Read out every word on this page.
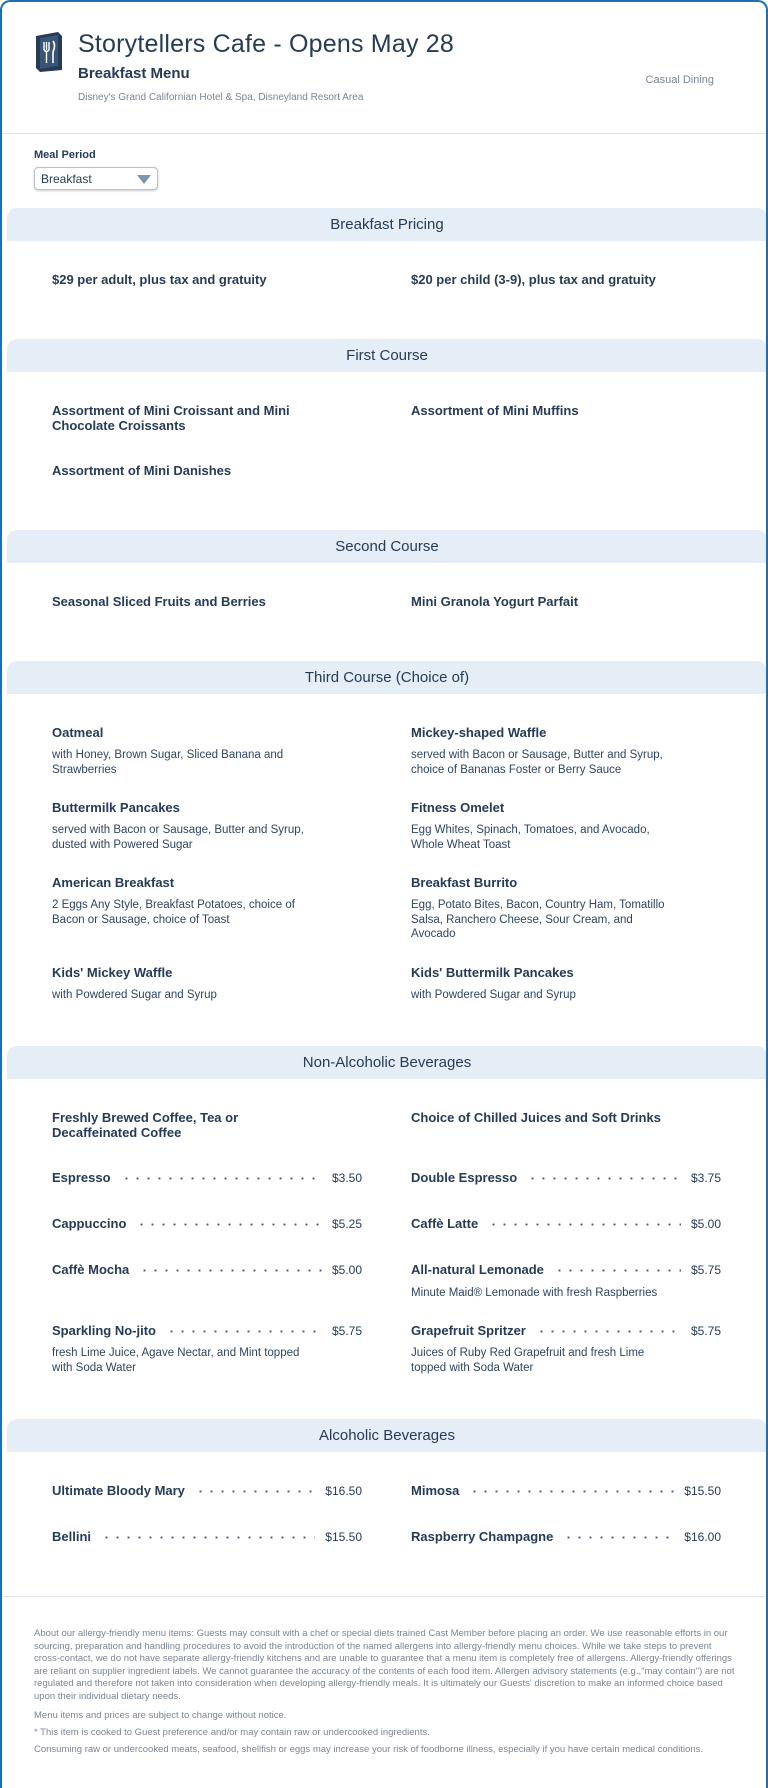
Storytellers Cafe - Opens May 28
Breakfast Menu
Disney's Grand Californian Hotel & Spa, Disneyland Resort Area
Casual Dining
Meal Period
Breakfast
Breakfast Pricing
$29 per adult, plus tax and gratuity	$20 per child (3-9), plus tax and gratuity
First Course
Assortment of Mini Croissant and Mini Chocolate Croissants
Assortment of Mini Muffins
Assortment of Mini Danishes
Second Course
Seasonal Sliced Fruits and Berries	Mini Granola Yogurt Parfait
Third Course (Choice of)
Oatmeal
with Honey, Brown Sugar, Sliced Banana and Strawberries
Mickey-shaped Waffle
served with Bacon or Sausage, Butter and Syrup, choice of Bananas Foster or Berry Sauce
Buttermilk Pancakes
served with Bacon or Sausage, Butter and Syrup, dusted with Powered Sugar
Fitness Omelet
Egg Whites, Spinach, Tomatoes, and Avocado, Whole Wheat Toast
American Breakfast
2 Eggs Any Style, Breakfast Potatoes, choice of Bacon or Sausage, choice of Toast
Breakfast Burrito
Egg, Potato Bites, Bacon, Country Ham, Tomatillo Salsa, Ranchero Cheese, Sour Cream, and Avocado
Kids' Mickey Waffle
with Powdered Sugar and Syrup
Kids' Buttermilk Pancakes
with Powdered Sugar and Syrup
Non-Alcoholic Beverages
Freshly Brewed Coffee, Tea or Decaffeinated Coffee
Choice of Chilled Juices and Soft Drinks
Espresso	$3.50	Double Espresso	$3.75
Cappuccino	$5.25	Caffè Latte	$5.00
Caffè Mocha	$5.00	All-natural Lemonade	$5.75
Minute Maid® Lemonade with fresh Raspberries
Sparkling No-jito	$5.75
fresh Lime Juice, Agave Nectar, and Mint topped with Soda Water
Grapefruit Spritzer	$5.75
Juices of Ruby Red Grapefruit and fresh Lime topped with Soda Water
Alcoholic Beverages
Ultimate Bloody Mary	$16.50	Mimosa	$15.50
Bellini	$15.50	Raspberry Champagne	$16.00
About our allergy-friendly menu items: Guests may consult with a chef or special diets trained Cast Member before placing an order. We use reasonable efforts in our sourcing, preparation and handling procedures to avoid the introduction of the named allergens into allergy-friendly menu choices. While we take steps to prevent cross-contact, we do not have separate allergy-friendly kitchens and are unable to guarantee that a menu item is completely free of allergens. Allergy-friendly offerings are reliant on supplier ingredient labels. We cannot guarantee the accuracy of the contents of each food item. Allergen advisory statements (e.g.,"may contain") are not regulated and therefore not taken into consideration when developing allergy-friendly meals. It is ultimately our Guests' discretion to make an informed choice based upon their individual dietary needs.
Menu items and prices are subject to change without notice.
* This item is cooked to Guest preference and/or may contain raw or undercooked ingredients.
Consuming raw or undercooked meats, seafood, shellfish or eggs may increase your risk of foodborne illness, especially if you have certain medical conditions.
